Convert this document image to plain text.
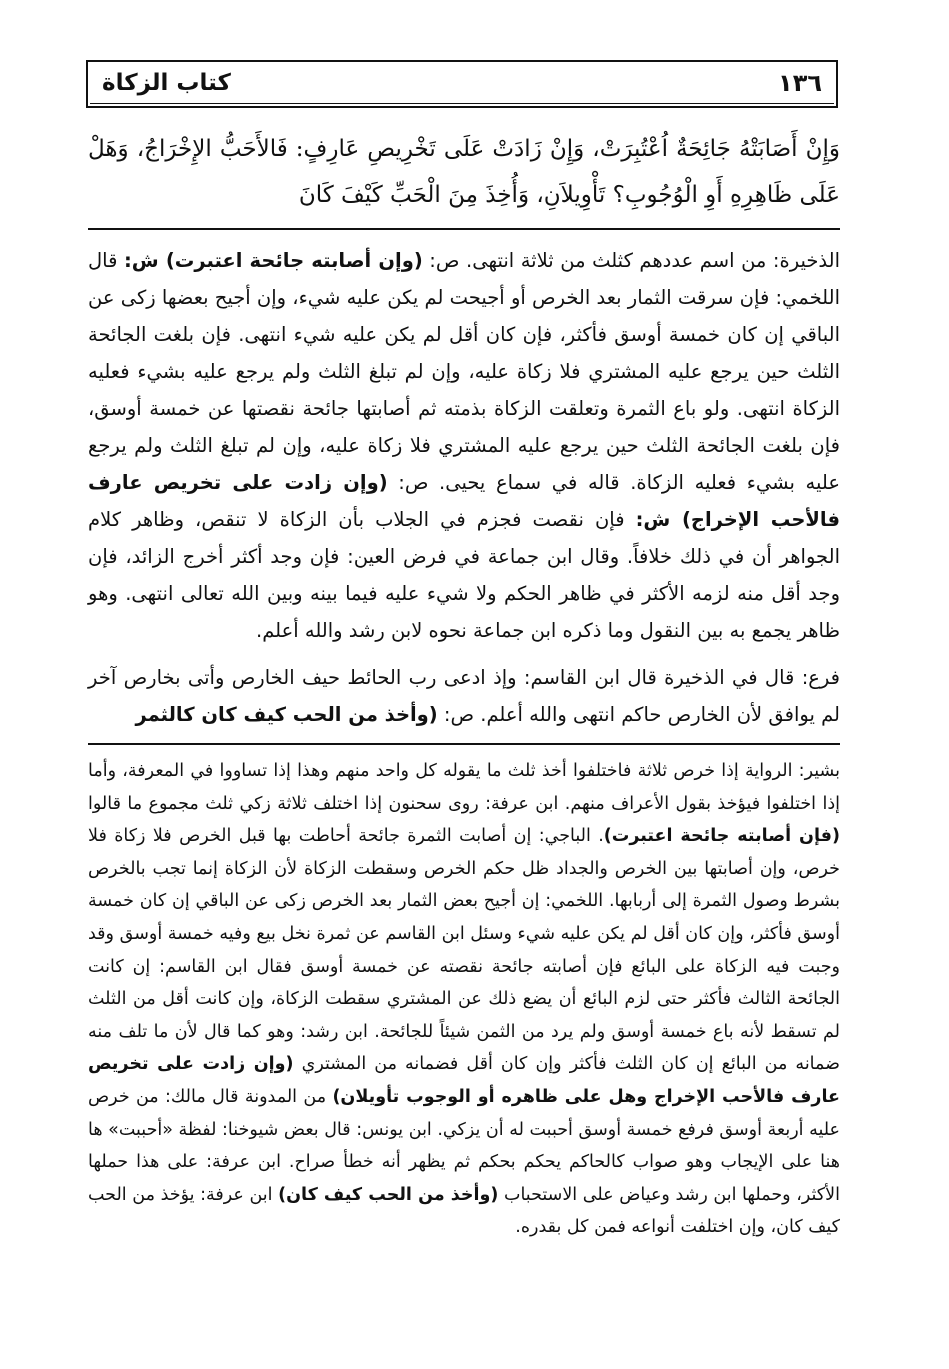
١٣٦
كتاب الزكاة
وَإِنْ أَصَابَتْهُ جَائِحَةٌ اُعْتُبِرَتْ، وَإِنْ زَادَتْ عَلَى تَخْرِيصِ عَارِفٍ: فَالأَحَبُّ الإِخْرَاجُ، وَهَلْ عَلَى ظَاهِرِهِ أَوِ الْوُجُوبِ؟ تَأْوِيلاَنِ، وَأُخِذَ مِنَ الْحَبِّ كَيْفَ كَانَ

الذخيرة: من اسم عددهم كثلث من ثلاثة انتهى. ص: (وإن أصابته جائحة اعتبرت) ش: قال اللخمي: فإن سرقت الثمار بعد الخرص أو أجيحت لم يكن عليه شيء، وإن أجيح بعضها زكى عن الباقي إن كان خمسة أوسق فأكثر، فإن كان أقل لم يكن عليه شيء انتهى. فإن بلغت الجائحة الثلث حين يرجع عليه المشتري فلا زكاة عليه، وإن لم تبلغ الثلث ولم يرجع عليه بشيء فعليه الزكاة انتهى. ولو باع الثمرة وتعلقت الزكاة بذمته ثم أصابتها جائحة نقصتها عن خمسة أوسق، فإن بلغت الجائحة الثلث حين يرجع عليه المشتري فلا زكاة عليه، وإن لم تبلغ الثلث ولم يرجع عليه بشيء فعليه الزكاة. قاله في سماع يحيى. ص: (وإن زادت على تخريص عارف فالأحب الإخراج) ش: فإن نقصت فجزم في الجلاب بأن الزكاة لا تنقص، وظاهر كلام الجواهر أن في ذلك خلافاً. وقال ابن جماعة في فرض العين: فإن وجد أكثر أخرج الزائد، فإن وجد أقل منه لزمه الأكثر في ظاهر الحكم ولا شيء عليه فيما بينه وبين الله تعالى انتهى. وهو ظاهر يجمع به بين النقول وما ذكره ابن جماعة نحوه لابن رشد والله أعلم.

فرع: قال في الذخيرة قال ابن القاسم: وإذ ادعى رب الحائط حيف الخارص وأتى بخارص آخر لم يوافق لأن الخارص حاكم انتهى والله أعلم. ص: (وأخذ من الحب كيف كان كالثمر

بشير: الرواية إذا خرص ثلاثة فاختلفوا أخذ ثلث ما يقوله كل واحد منهم وهذا إذا تساووا في المعرفة، وأما إذا اختلفوا فيؤخذ بقول الأعراف منهم. ابن عرفة: روى سحنون إذا اختلف ثلاثة زكي ثلث مجموع ما قالوا (فإن أصابته جائحة اعتبرت). الباجي: إن أصابت الثمرة جائحة أحاطت بها قبل الخرص فلا زكاة فلا خرص، وإن أصابتها بين الخرص والجداد ظل حكم الخرص وسقطت الزكاة لأن الزكاة إنما تجب بالخرص بشرط وصول الثمرة إلى أربابها. اللخمي: إن أجيح بعض الثمار بعد الخرص زكى عن الباقي إن كان خمسة أوسق فأكثر، وإن كان أقل لم يكن عليه شيء وسئل ابن القاسم عن ثمرة نخل بيع وفيه خمسة أوسق وقد وجبت فيه الزكاة على البائع فإن أصابته جائحة نقصته عن خمسة أوسق فقال ابن القاسم: إن كانت الجائحة الثالث فأكثر حتى لزم البائع أن يضع ذلك عن المشتري سقطت الزكاة، وإن كانت أقل من الثلث لم تسقط لأنه باع خمسة أوسق ولم يرد من الثمن شيئاً للجائحة. ابن رشد: وهو كما قال لأن ما تلف منه ضمانه من البائع إن كان الثلث فأكثر وإن كان أقل فضمانه من المشتري (وإن زادت على تخريص عارف فالأحب الإخراج وهل على ظاهره أو الوجوب تأويلان) من المدونة قال مالك: من خرص عليه أربعة أوسق فرفع خمسة أوسق أحببت له أن يزكي. ابن يونس: قال بعض شيوخنا: لفظة «أحببت» ها هنا على الإيجاب وهو صواب كالحاكم يحكم بحكم ثم يظهر أنه خطأ صراح. ابن عرفة: على هذا حملها الأكثر، وحملها ابن رشد وعياض على الاستحباب (وأخذ من الحب كيف كان) ابن عرفة: يؤخذ من الحب كيف كان، وإن اختلفت أنواعه فمن كل بقدره.
